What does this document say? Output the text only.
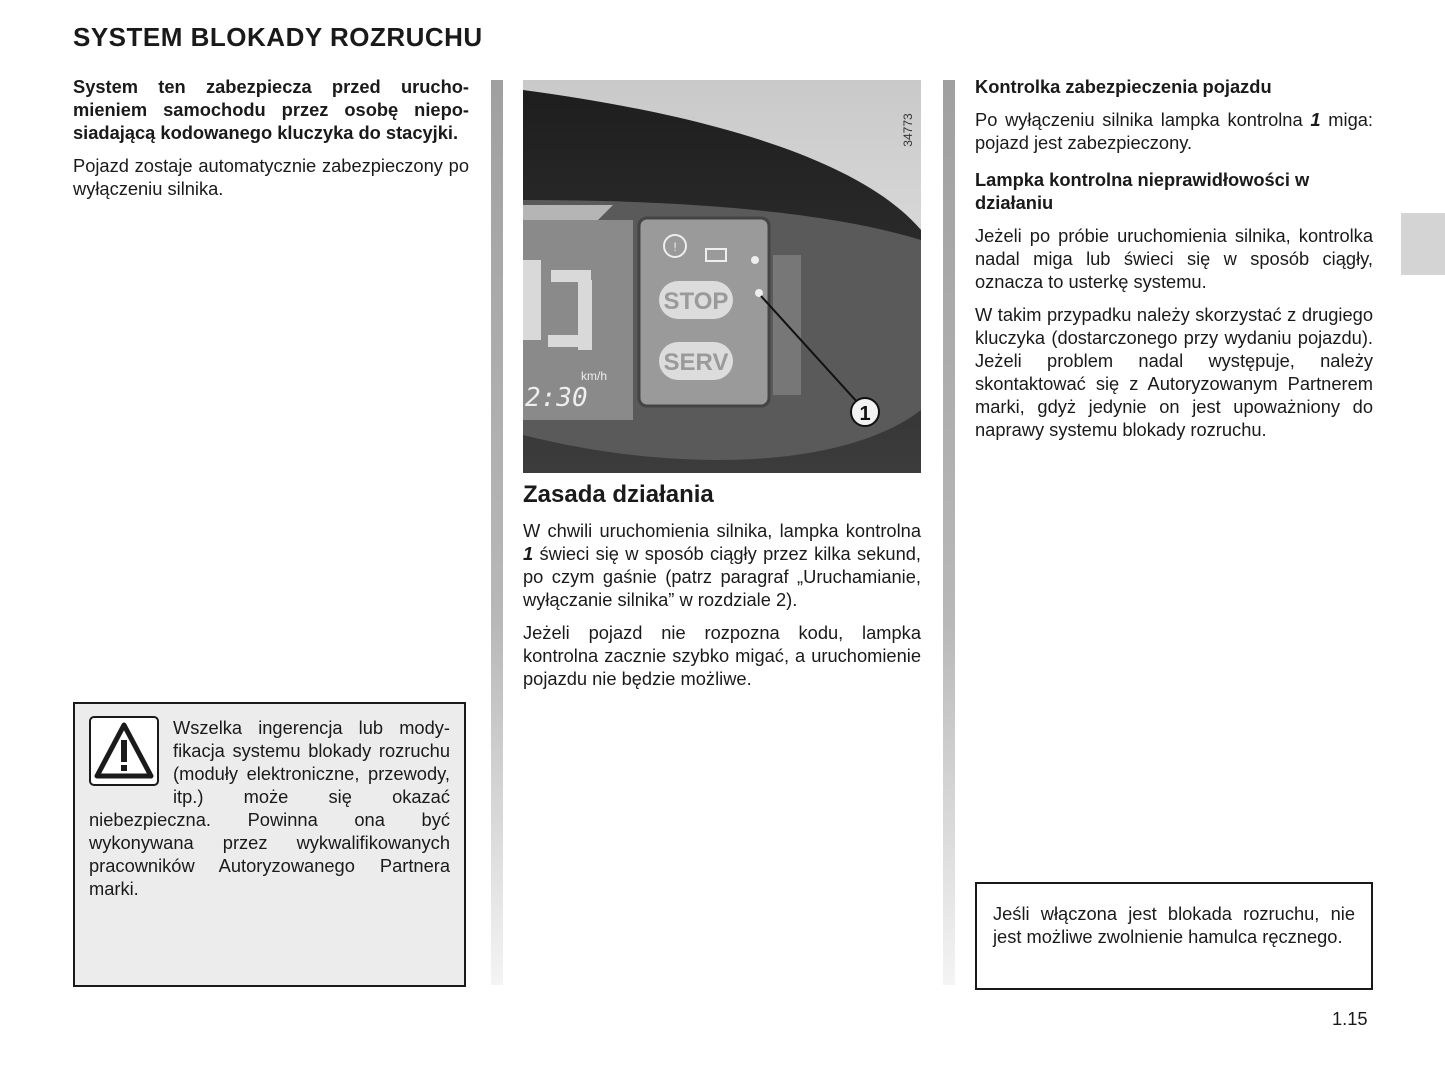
SYSTEM BLOKADY ROZRUCHU

System ten zabezpiecza przed uruchomieniem samochodu przez osobę nieposiadającą kodowanego kluczyka do stacyjki.

Pojazd zostaje automatycznie zabezpieczony po wyłączeniu silnika.

Wszelka ingerencja lub modyfikacja systemu blokady rozruchu (moduły elektroniczne, przewody, itp.) może się okazać niebezpieczna. Powinna ona być wykonywana przez wykwalifikowanych pracowników Autoryzowanego Partnera marki.

km/h
2:30
!
STOP
SERV
1
34773
Zasada działania

W chwili uruchomienia silnika, lampka kontrolna 1 świeci się w sposób ciągły przez kilka sekund, po czym gaśnie (patrz paragraf „Uruchamianie, wyłączanie silnika” w rozdziale 2).

Jeżeli pojazd nie rozpozna kodu, lampka kontrolna zacznie szybko migać, a uruchomienie pojazdu nie będzie możliwe.

Kontrolka zabezpieczenia pojazdu

Po wyłączeniu silnika lampka kontrolna 1 miga: pojazd jest zabezpieczony.

Lampka kontrolna nieprawidłowości w działaniu

Jeżeli po próbie uruchomienia silnika, kontrolka nadal miga lub świeci się w sposób ciągły, oznacza to usterkę systemu.

W takim przypadku należy skorzystać z drugiego kluczyka (dostarczonego przy wydaniu pojazdu). Jeżeli problem nadal występuje, należy skontaktować się z Autoryzowanym Partnerem marki, gdyż jedynie on jest upoważniony do naprawy systemu blokady rozruchu.

Jeśli włączona jest blokada rozruchu, nie jest możliwe zwolnienie hamulca ręcznego.

1.15
